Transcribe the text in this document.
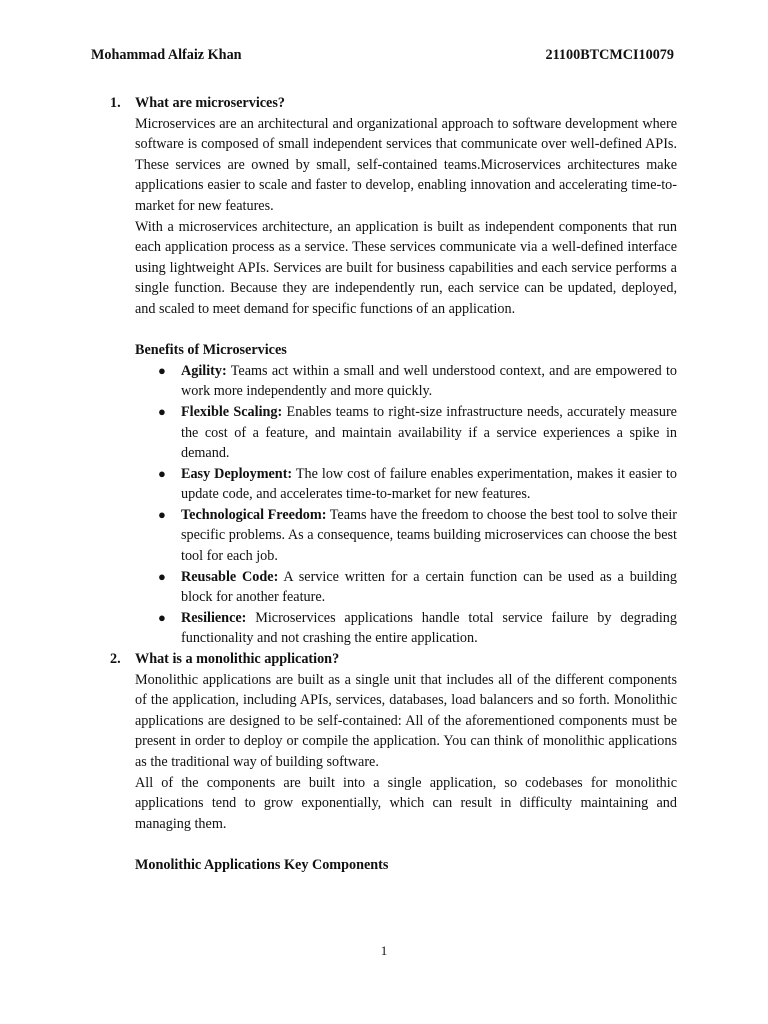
Mohammad Alfaiz Khan	21100BTCMCI10079
1. What are microservices?

Microservices are an architectural and organizational approach to software development where software is composed of small independent services that communicate over well-defined APIs. These services are owned by small, self-contained teams.Microservices architectures make applications easier to scale and faster to develop, enabling innovation and accelerating time-to-market for new features.

With a microservices architecture, an application is built as independent components that run each application process as a service. These services communicate via a well-defined interface using lightweight APIs. Services are built for business capabilities and each service performs a single function. Because they are independently run, each service can be updated, deployed, and scaled to meet demand for specific functions of an application.

Benefits of Microservices
● Agility: Teams act within a small and well understood context, and are empowered to work more independently and more quickly.
● Flexible Scaling: Enables teams to right-size infrastructure needs, accurately measure the cost of a feature, and maintain availability if a service experiences a spike in demand.
● Easy Deployment: The low cost of failure enables experimentation, makes it easier to update code, and accelerates time-to-market for new features.
● Technological Freedom: Teams have the freedom to choose the best tool to solve their specific problems. As a consequence, teams building microservices can choose the best tool for each job.
● Reusable Code: A service written for a certain function can be used as a building block for another feature.
● Resilience: Microservices applications handle total service failure by degrading functionality and not crashing the entire application.
2. What is a monolithic application?

Monolithic applications are built as a single unit that includes all of the different components of the application, including APIs, services, databases, load balancers and so forth. Monolithic applications are designed to be self-contained: All of the aforementioned components must be present in order to deploy or compile the application. You can think of monolithic applications as the traditional way of building software.

All of the components are built into a single application, so codebases for monolithic applications tend to grow exponentially, which can result in difficulty maintaining and managing them.

Monolithic Applications Key Components
1
